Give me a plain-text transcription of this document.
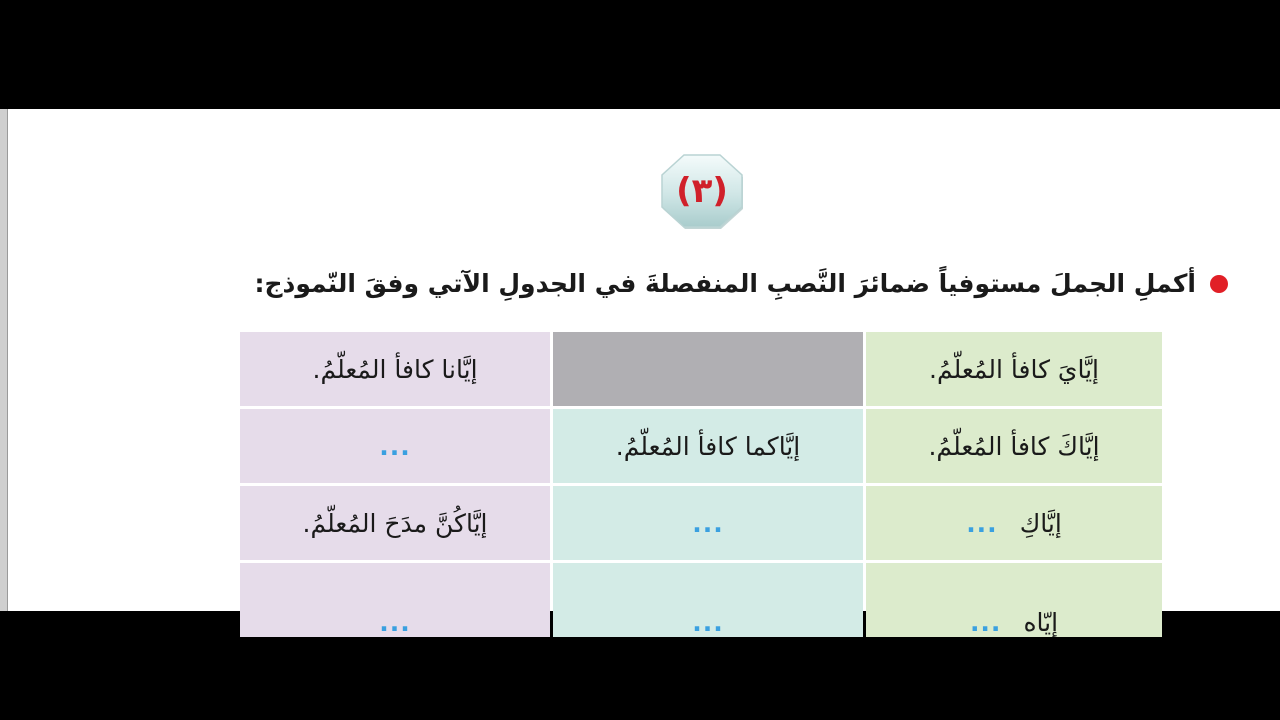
(٣)
أكملِ الجملَ مستوفياً ضمائرَ النَّصبِ المنفصلةَ في الجدولِ الآتي وفقَ النّموذج:
إيَّايَ كافأ المُعلّمُ.
إيَّانا كافأ المُعلّمُ.
إيَّاكَ كافأ المُعلّمُ.
إيَّاكما كافأ المُعلّمُ.
...
إيَّاكِ
...
...
إيَّاكُنَّ مدَحَ المُعلّمُ.
إيّاه
...
...
...
